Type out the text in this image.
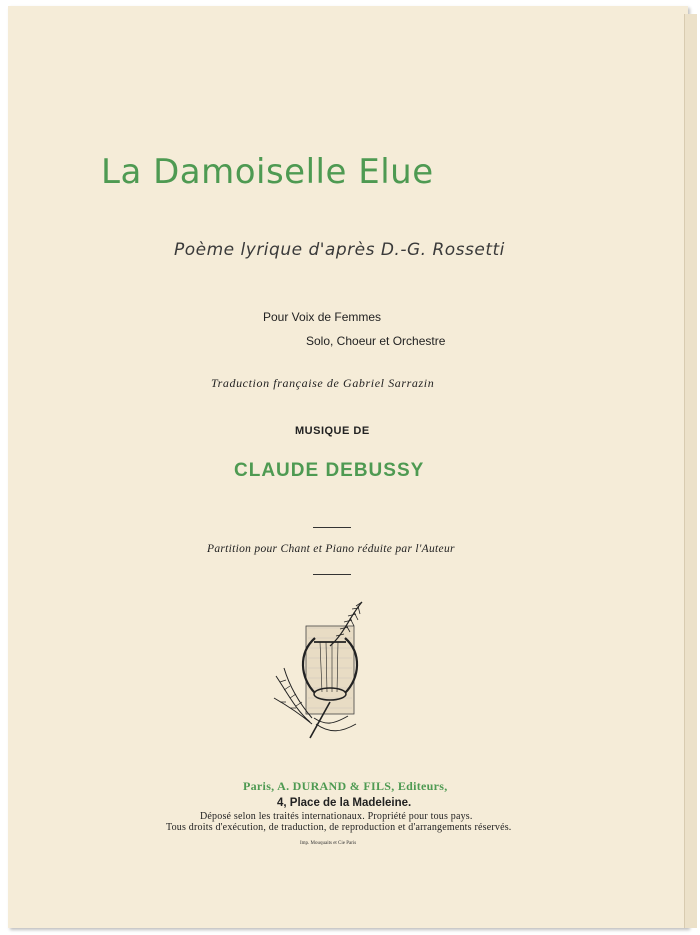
La Damoiselle Elue
Poème lyrique d'après D.-G. Rossetti
Pour Voix de Femmes
Solo, Choeur et Orchestre
Traduction française de Gabriel Sarrazin
MUSIQUE DE
CLAUDE DEBUSSY
Partition pour Chant et Piano réduite par l'Auteur
Paris, A. DURAND & FILS, Editeurs,
4, Place de la Madeleine.
Déposé selon les traités internationaux. Propriété pour tous pays.
Tous droits d'exécution, de traduction, de reproduction et d'arrangements réservés.
Imp. Mouquaits et Cie Paris
